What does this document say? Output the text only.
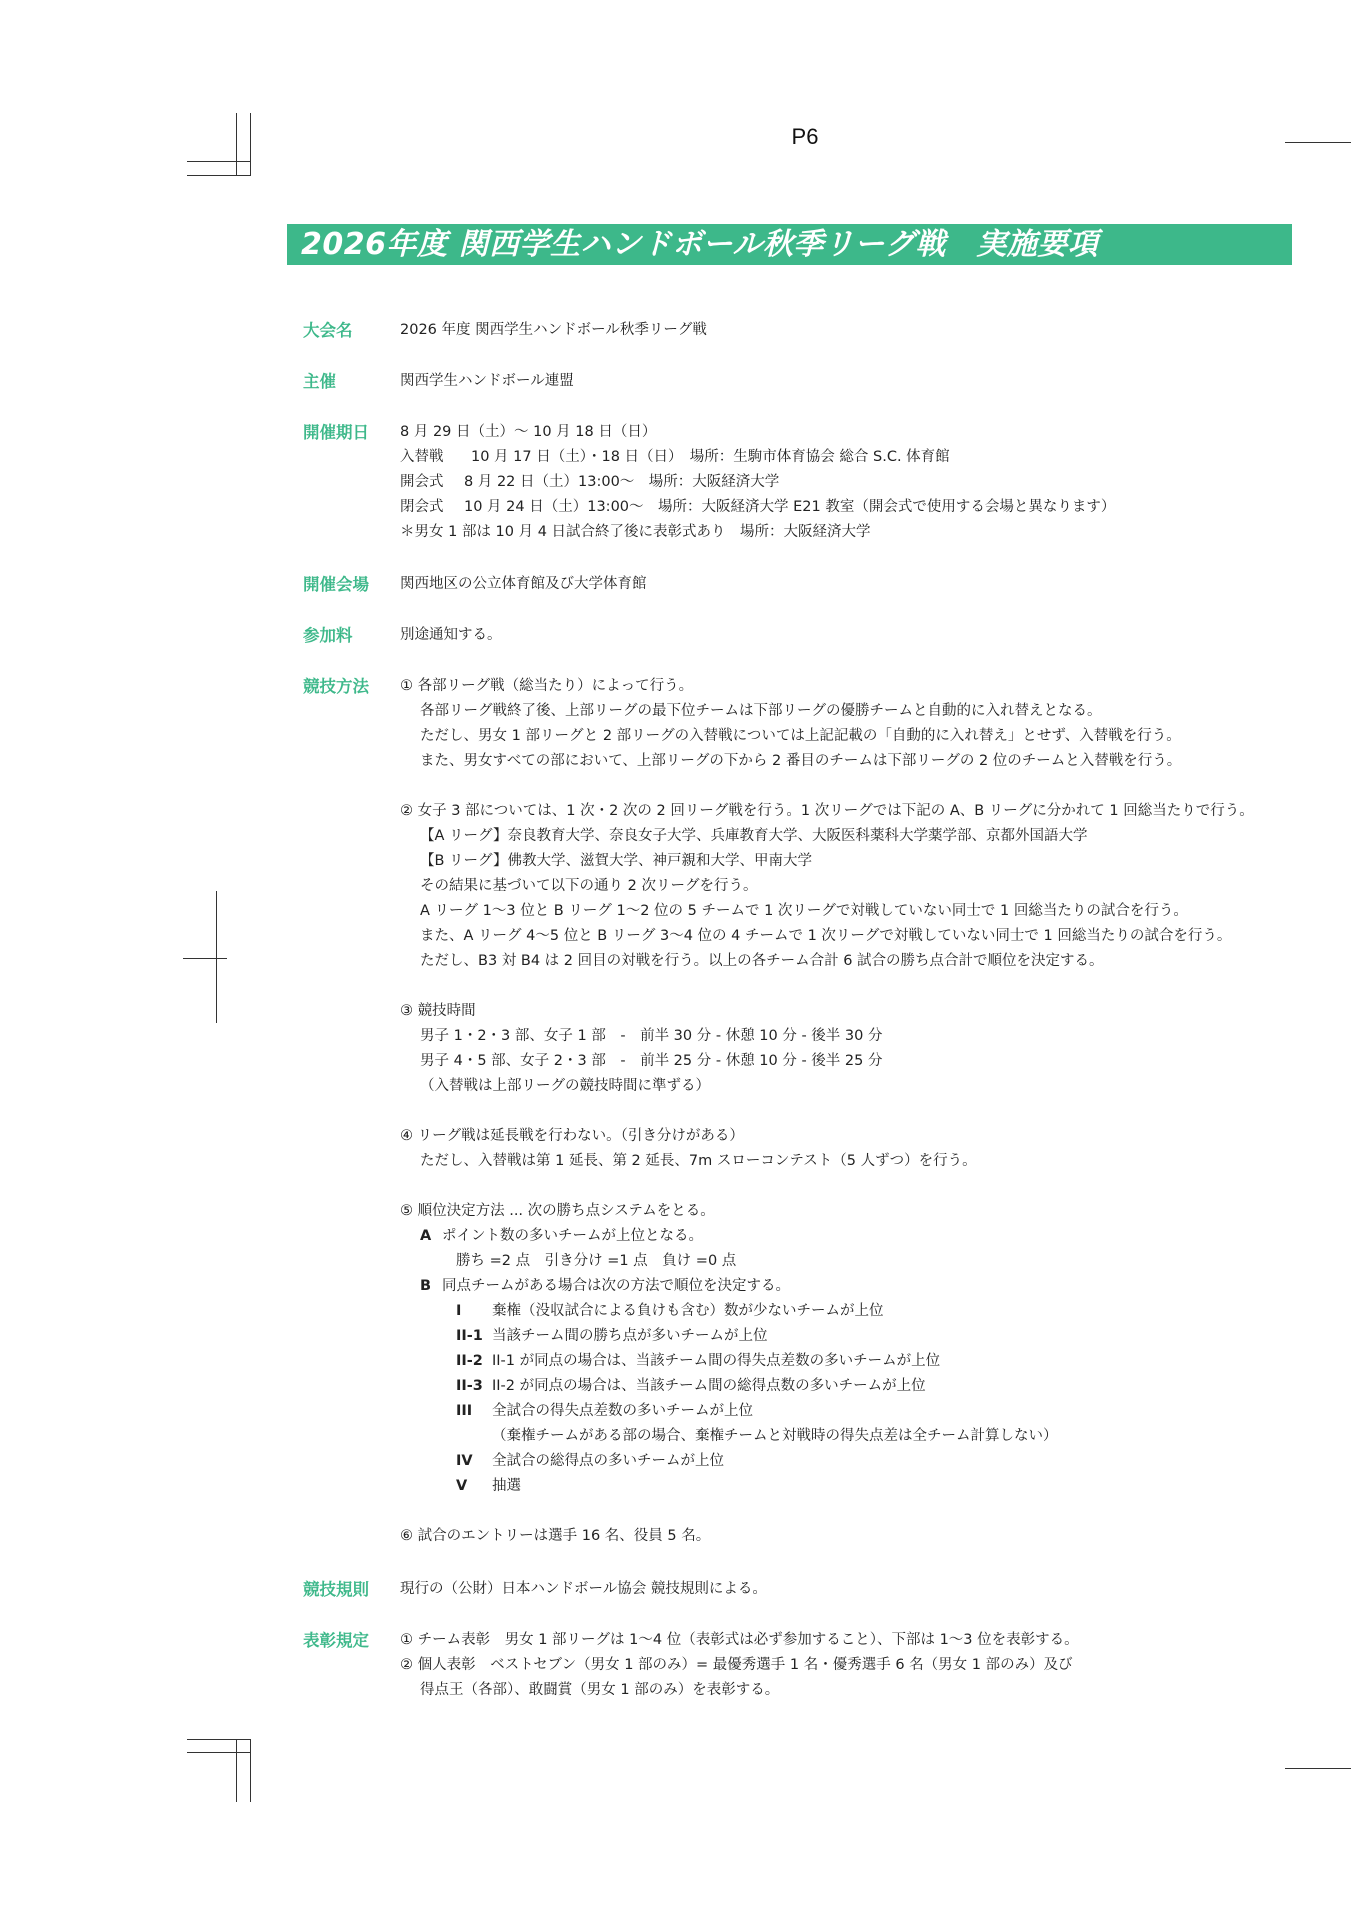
P6
2026年度 関西学生ハンドボール秋季リーグ戦　実施要項
大会名	2026 年度 関西学生ハンドボール秋季リーグ戦
主催	関西学生ハンドボール連盟
開催期日	8 月 29 日（土）～ 10 月 18 日（日）
入替戦 10 月 17 日（土）・18 日（日）　場所：生駒市体育協会 総合 S.C. 体育館
開会式 8 月 22 日（土）13:00～　場所：大阪経済大学
閉会式 10 月 24 日（土）13:00～　場所：大阪経済大学 E21 教室（開会式で使用する会場と異なります）
＊男女 1 部は 10 月 4 日試合終了後に表彰式あり　場所：大阪経済大学
開催会場	関西地区の公立体育館及び大学体育館
参加料	別途通知する。
競技方法	① 各部リーグ戦（総当たり）によって行う。
各部リーグ戦終了後、上部リーグの最下位チームは下部リーグの優勝チームと自動的に入れ替えとなる。
ただし、男女 1 部リーグと 2 部リーグの入替戦については上記記載の「自動的に入れ替え」とせず、入替戦を行う。
また、男女すべての部において、上部リーグの下から 2 番目のチームは下部リーグの 2 位のチームと入替戦を行う。
② 女子 3 部については、1 次・2 次の 2 回リーグ戦を行う。1 次リーグでは下記の A、B リーグに分かれて 1 回総当たりで行う。
【A リーグ】奈良教育大学、奈良女子大学、兵庫教育大学、大阪医科薬科大学薬学部、京都外国語大学
【B リーグ】佛教大学、滋賀大学、神戸親和大学、甲南大学
その結果に基づいて以下の通り 2 次リーグを行う。
A リーグ 1～3 位と B リーグ 1～2 位の 5 チームで 1 次リーグで対戦していない同士で 1 回総当たりの試合を行う。
また、A リーグ 4～5 位と B リーグ 3～4 位の 4 チームで 1 次リーグで対戦していない同士で 1 回総当たりの試合を行う。
ただし、B3 対 B4 は 2 回目の対戦を行う。以上の各チーム合計 6 試合の勝ち点合計で順位を決定する。
③ 競技時間
男子 1・2・3 部、女子 1 部　-　前半 30 分 - 休憩 10 分 - 後半 30 分
男子 4・5 部、女子 2・3 部　-　前半 25 分 - 休憩 10 分 - 後半 25 分
（入替戦は上部リーグの競技時間に準ずる）
④ リーグ戦は延長戦を行わない。（引き分けがある）
ただし、入替戦は第 1 延長、第 2 延長、7m スローコンテスト（5 人ずつ）を行う。
⑤ 順位決定方法 ... 次の勝ち点システムをとる。
A ポイント数の多いチームが上位となる。
勝ち =2 点　引き分け =1 点　負け =0 点
B 同点チームがある場合は次の方法で順位を決定する。
I	棄権（没収試合による負けも含む）数が少ないチームが上位
II-1 当該チーム間の勝ち点が多いチームが上位
II-2 II-1 が同点の場合は、当該チーム間の得失点差数の多いチームが上位
II-3 II-2 が同点の場合は、当該チーム間の総得点数の多いチームが上位
III	全試合の得失点差数の多いチームが上位
（棄権チームがある部の場合、棄権チームと対戦時の得失点差は全チーム計算しない）
IV	全試合の総得点の多いチームが上位
V	抽選
⑥ 試合のエントリーは選手 16 名、役員 5 名。
競技規則	現行の（公財）日本ハンドボール協会 競技規則による。
表彰規定	① チーム表彰　男女 1 部リーグは 1～4 位（表彰式は必ず参加すること）、下部は 1～3 位を表彰する。
② 個人表彰　ベストセブン（男女 1 部のみ）= 最優秀選手 1 名・優秀選手 6 名（男女 1 部のみ）及び
得点王（各部）、敢闘賞（男女 1 部のみ）を表彰する。
